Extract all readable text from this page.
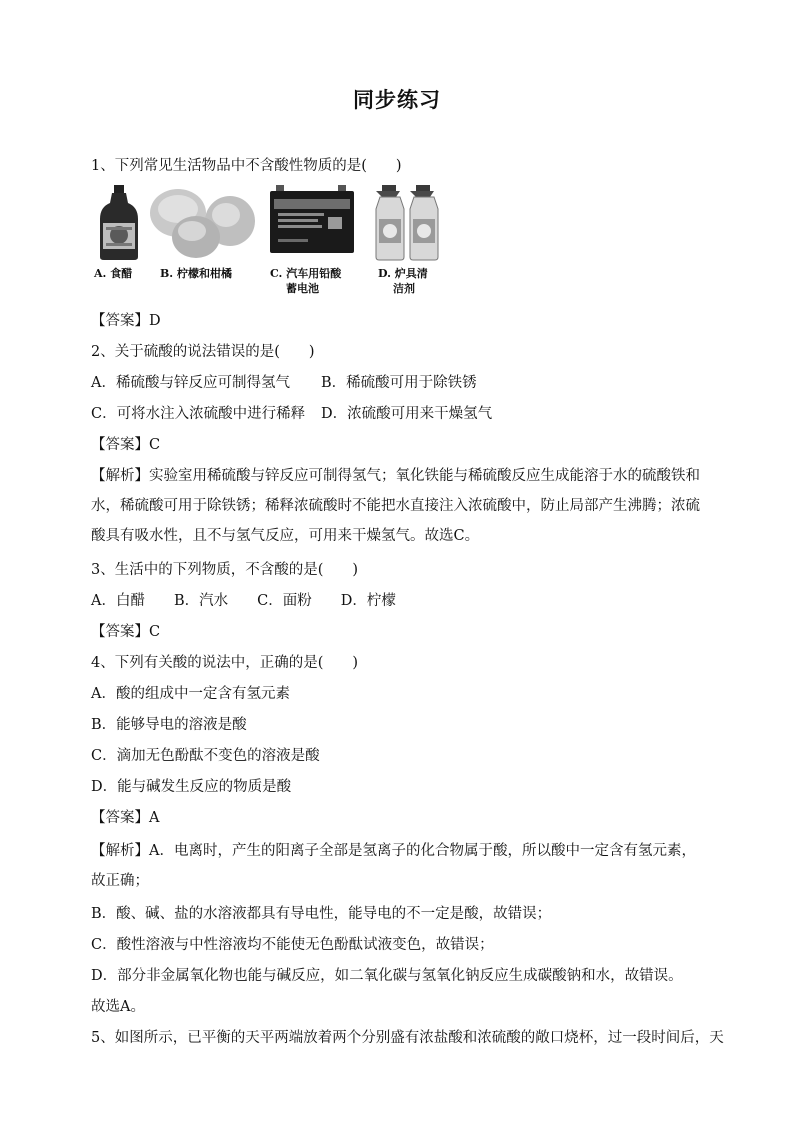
同步练习
1、下列常见生活物品中不含酸性物质的是(　　)
A. 食醋	B. 柠檬和柑橘	C. 汽车用铅酸
蓄电池
D. 炉具清
洁剂
【答案】D
2、关于硫酸的说法错误的是(　　)
A．稀硫酸与锌反应可制得氢气 B．稀硫酸可用于除铁锈
C．可将水注入浓硫酸中进行稀释 D．浓硫酸可用来干燥氢气
【答案】C
【解析】实验室用稀硫酸与锌反应可制得氢气；氧化铁能与稀硫酸反应生成能溶于水的硫酸铁和水，稀硫酸可用于除铁锈；稀释浓硫酸时不能把水直接注入浓硫酸中，防止局部产生沸腾；浓硫酸具有吸水性，且不与氢气反应，可用来干燥氢气。故选C。
3、生活中的下列物质，不含酸的是(　　)
A．白醋　　B．汽水　　C．面粉　　D．柠檬
【答案】C
4、下列有关酸的说法中，正确的是(　　)
A．酸的组成中一定含有氢元素
B．能够导电的溶液是酸
C．滴加无色酚酞不变色的溶液是酸
D．能与碱发生反应的物质是酸
【答案】A
【解析】A．电离时，产生的阳离子全部是氢离子的化合物属于酸，所以酸中一定含有氢元素，故正确；
B．酸、碱、盐的水溶液都具有导电性，能导电的不一定是酸，故错误；
C．酸性溶液与中性溶液均不能使无色酚酞试液变色，故错误；
D．部分非金属氧化物也能与碱反应，如二氧化碳与氢氧化钠反应生成碳酸钠和水，故错误。
故选A。
5、如图所示，已平衡的天平两端放着两个分别盛有浓盐酸和浓硫酸的敞口烧杯，过一段时间后，天
